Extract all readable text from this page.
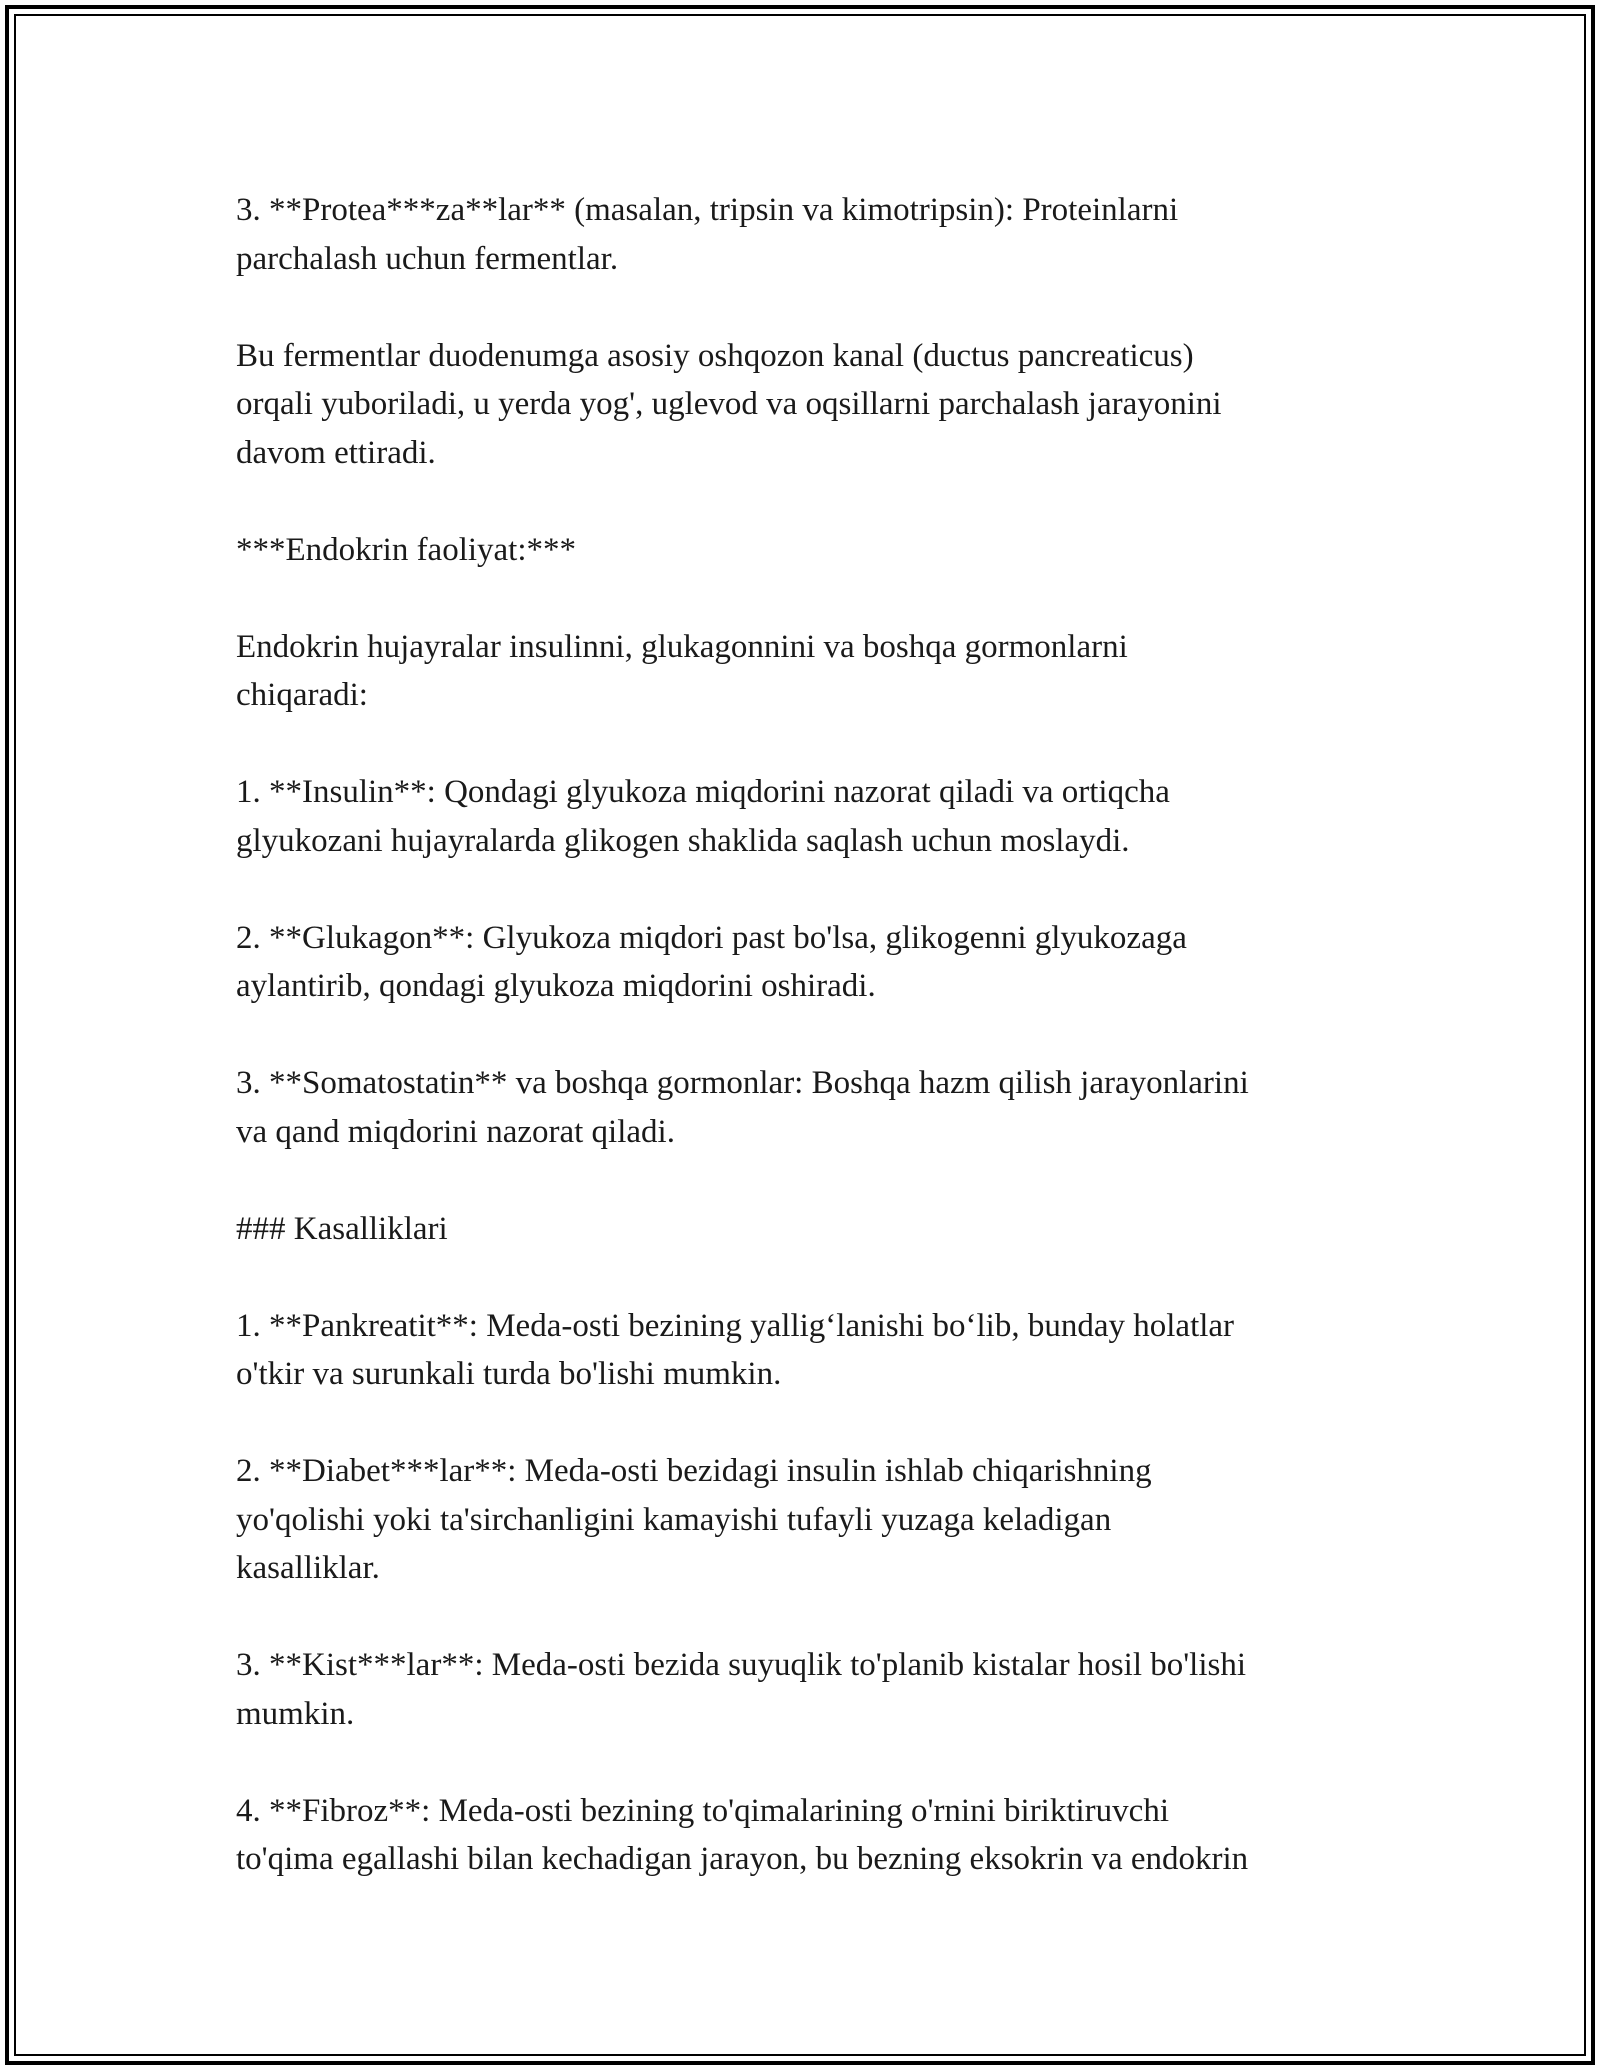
3. **Protea***za**lar** (masalan, tripsin va kimotripsin): Proteinlarni
parchalash uchun fermentlar.
Bu fermentlar duodenumga asosiy oshqozon kanal (ductus pancreaticus)
orqali yuboriladi, u yerda yog', uglevod va oqsillarni parchalash jarayonini
davom ettiradi.
***Endokrin faoliyat:***
Endokrin hujayralar insulinni, glukagonnini va boshqa gormonlarni
chiqaradi:
1. **Insulin**: Qondagi glyukoza miqdorini nazorat qiladi va ortiqcha
glyukozani hujayralarda glikogen shaklida saqlash uchun moslaydi.
2. **Glukagon**: Glyukoza miqdori past bo'lsa, glikogenni glyukozaga
aylantirib, qondagi glyukoza miqdorini oshiradi.
3. **Somatostatin** va boshqa gormonlar: Boshqa hazm qilish jarayonlarini
va qand miqdorini nazorat qiladi.
### Kasalliklari
1. **Pankreatit**: Meda-osti bezining yallig‘lanishi bo‘lib, bunday holatlar
o'tkir va surunkali turda bo'lishi mumkin.
2. **Diabet***lar**: Meda-osti bezidagi insulin ishlab chiqarishning
yo'qolishi yoki ta'sirchanligini kamayishi tufayli yuzaga keladigan
kasalliklar.
3. **Kist***lar**: Meda-osti bezida suyuqlik to'planib kistalar hosil bo'lishi
mumkin.
4. **Fibroz**: Meda-osti bezining to'qimalarining o'rnini biriktiruvchi
to'qima egallashi bilan kechadigan jarayon, bu bezning eksokrin va endokrin
